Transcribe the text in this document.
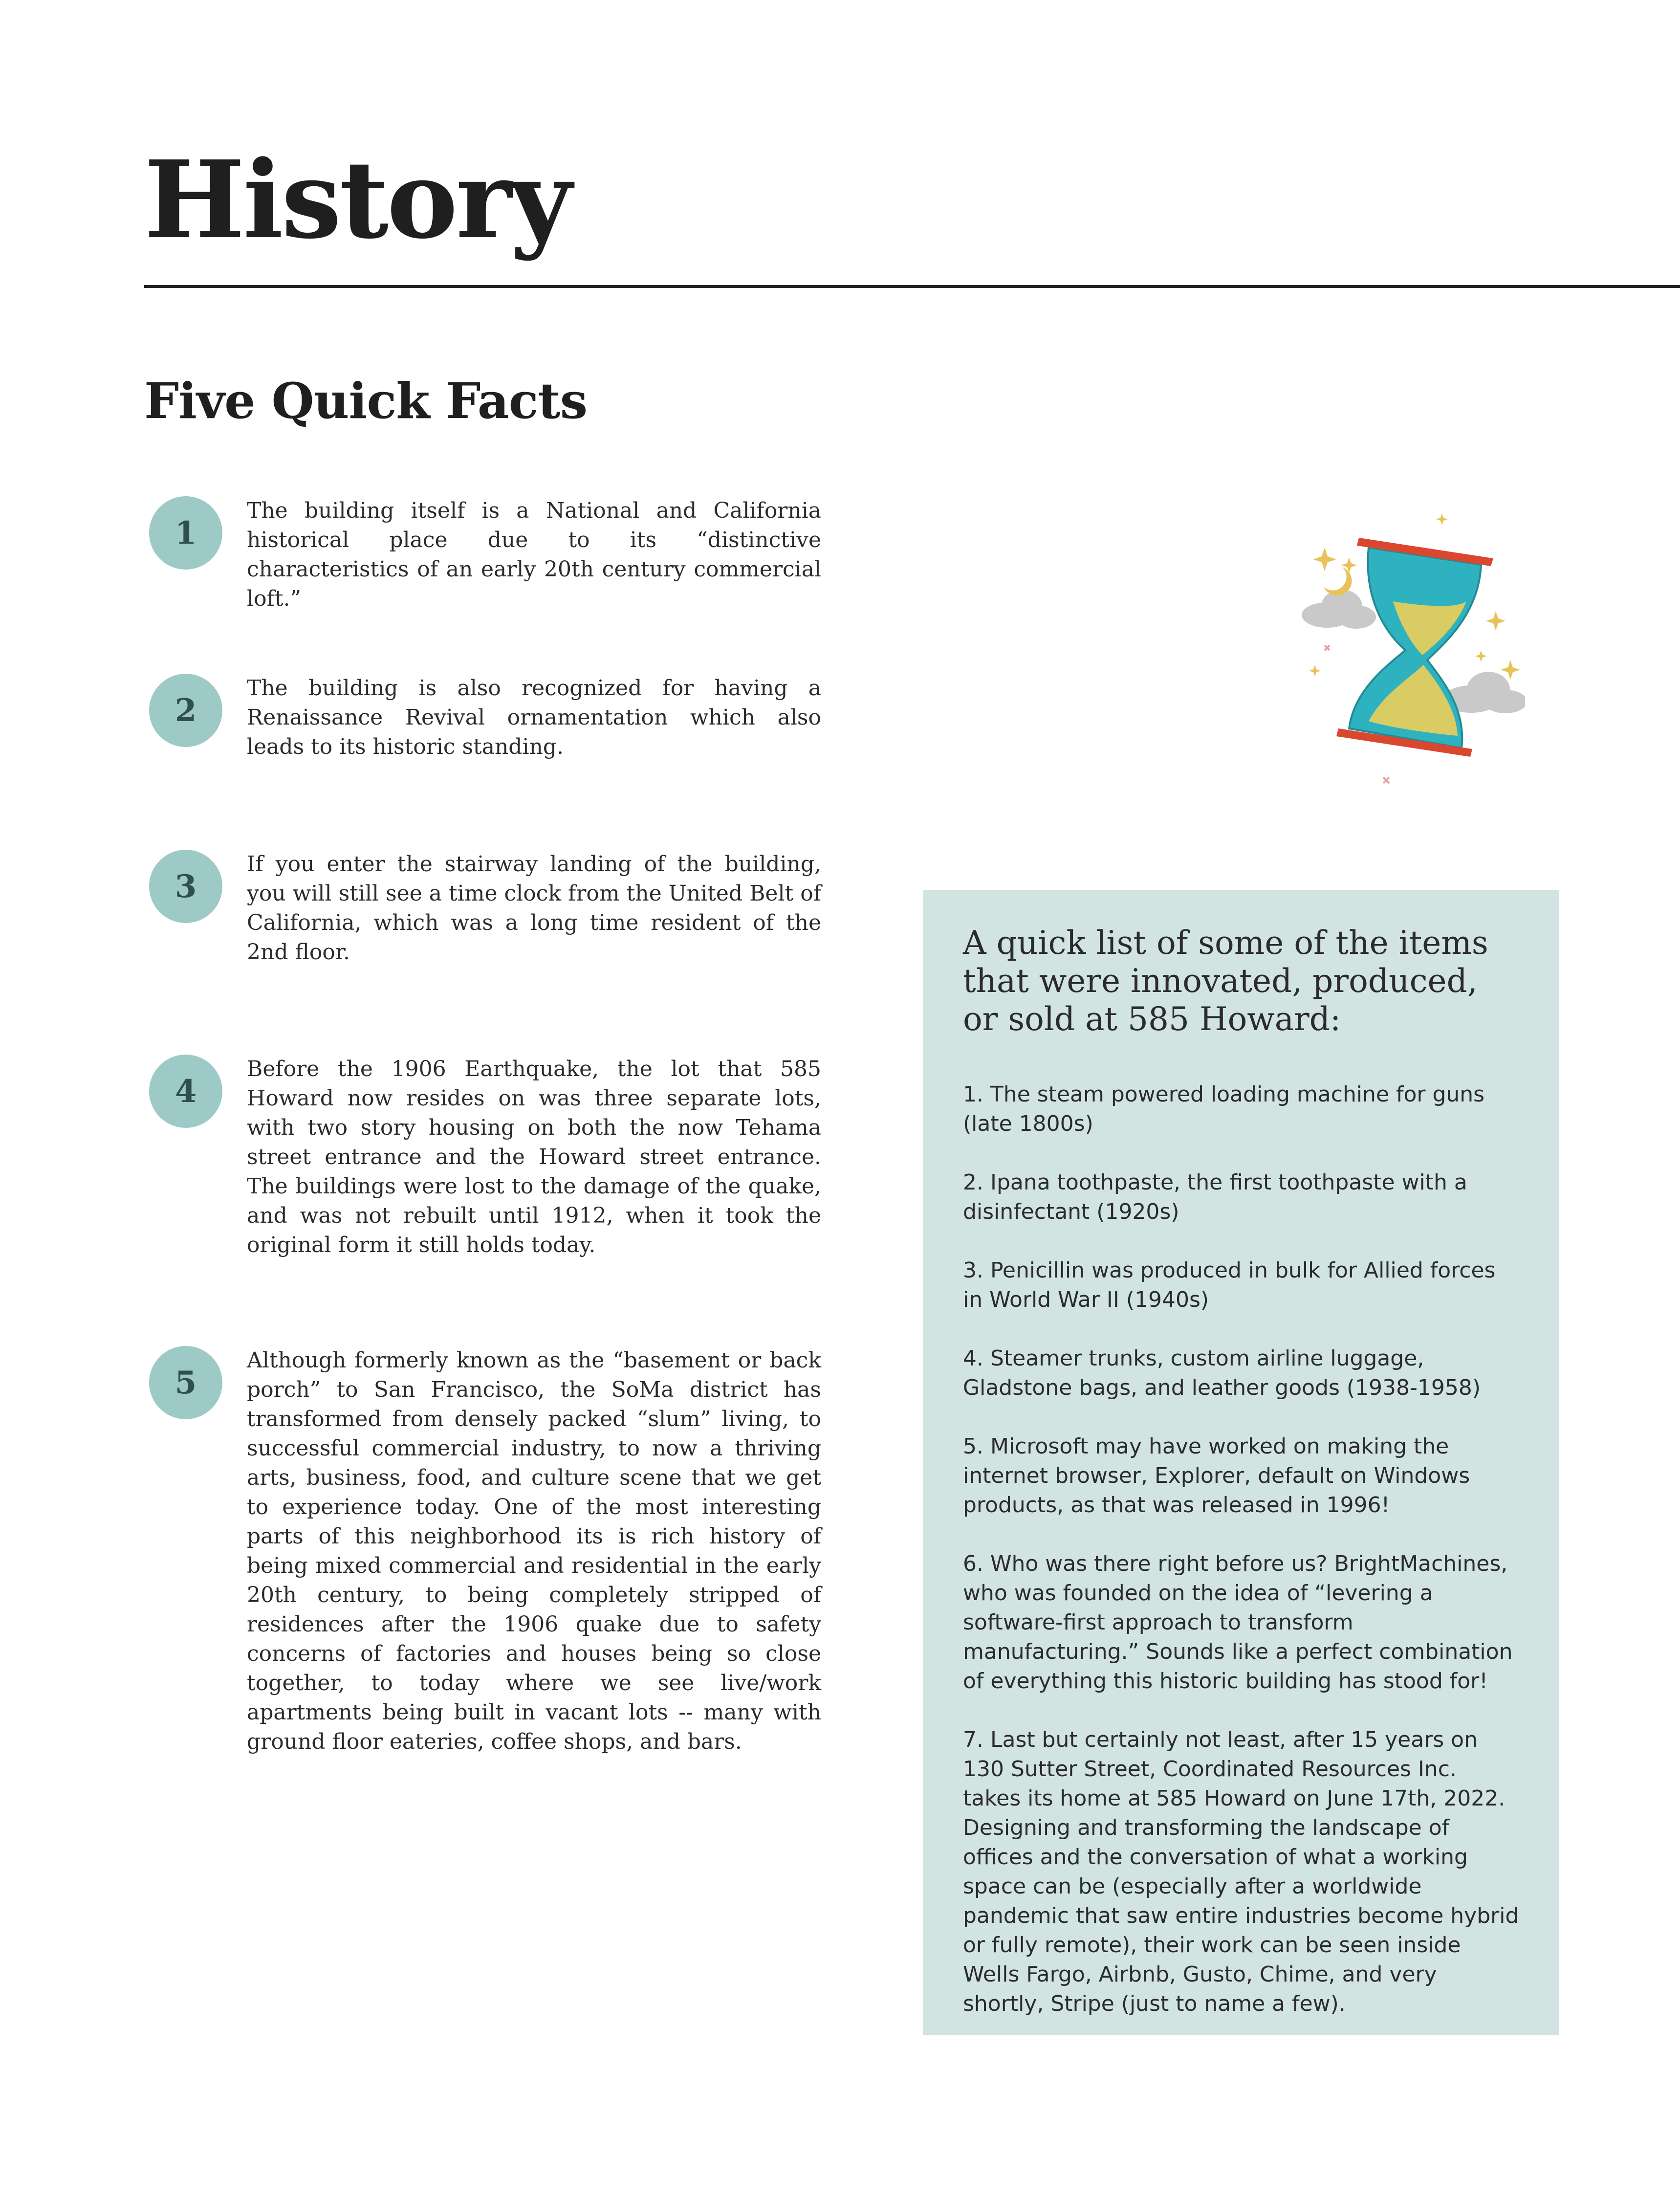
History
Five Quick Facts
1

The building itself is a National and California historical place due to its “distinctive characteristics of an early 20th century commercial loft.”

2

The building is also recognized for having a Renaissance Revival ornamentation which also leads to its historic standing.

3

If you enter the stairway landing of the building, you will still see a time clock from the United Belt of California, which was a long time resident of the 2nd floor.

4

Before the 1906 Earthquake, the lot that 585 Howard now resides on was three separate lots, with two story housing on both the now Tehama street entrance and the Howard street entrance. The buildings were lost to the damage of the quake, and was not rebuilt until 1912, when it took the original form it still holds today.

5

Although formerly known as the “basement or back porch” to San Francisco, the SoMa district has transformed from densely packed “slum” living, to successful commercial industry, to now a thriving arts, business, food, and culture scene that we get to experience today. One of the most interesting parts of this neighborhood its is rich history of being mixed commercial and residential in the early 20th century, to being completely stripped of residences after the 1906 quake due to safety concerns of factories and houses being so close together, to today where we see live/work apartments being built in vacant lots -- many with ground floor eateries, coffee shops, and bars.

A quick list of some of the items that were innovated, produced, or sold at 585 Howard:

1. The steam powered loading machine for guns (late 1800s)

2. Ipana toothpaste, the first toothpaste with a disinfectant (1920s)

3. Penicillin was produced in bulk for Allied forces in World War II (1940s)

4. Steamer trunks, custom airline luggage, Gladstone bags, and leather goods (1938-1958)

5. Microsoft may have worked on making the internet browser, Explorer, default on Windows products, as that was released in 1996!

6. Who was there right before us? BrightMachines, who was founded on the idea of “levering a software-first approach to transform manufacturing.” Sounds like a perfect combination of everything this historic building has stood for!

7. Last but certainly not least, after 15 years on 130 Sutter Street, Coordinated Resources Inc. takes its home at 585 Howard on June 17th, 2022. Designing and transforming the landscape of offices and the conversation of what a working space can be (especially after a worldwide pandemic that saw entire industries become hybrid or fully remote), their work can be seen inside Wells Fargo, Airbnb, Gusto, Chime, and very shortly, Stripe (just to name a few).
